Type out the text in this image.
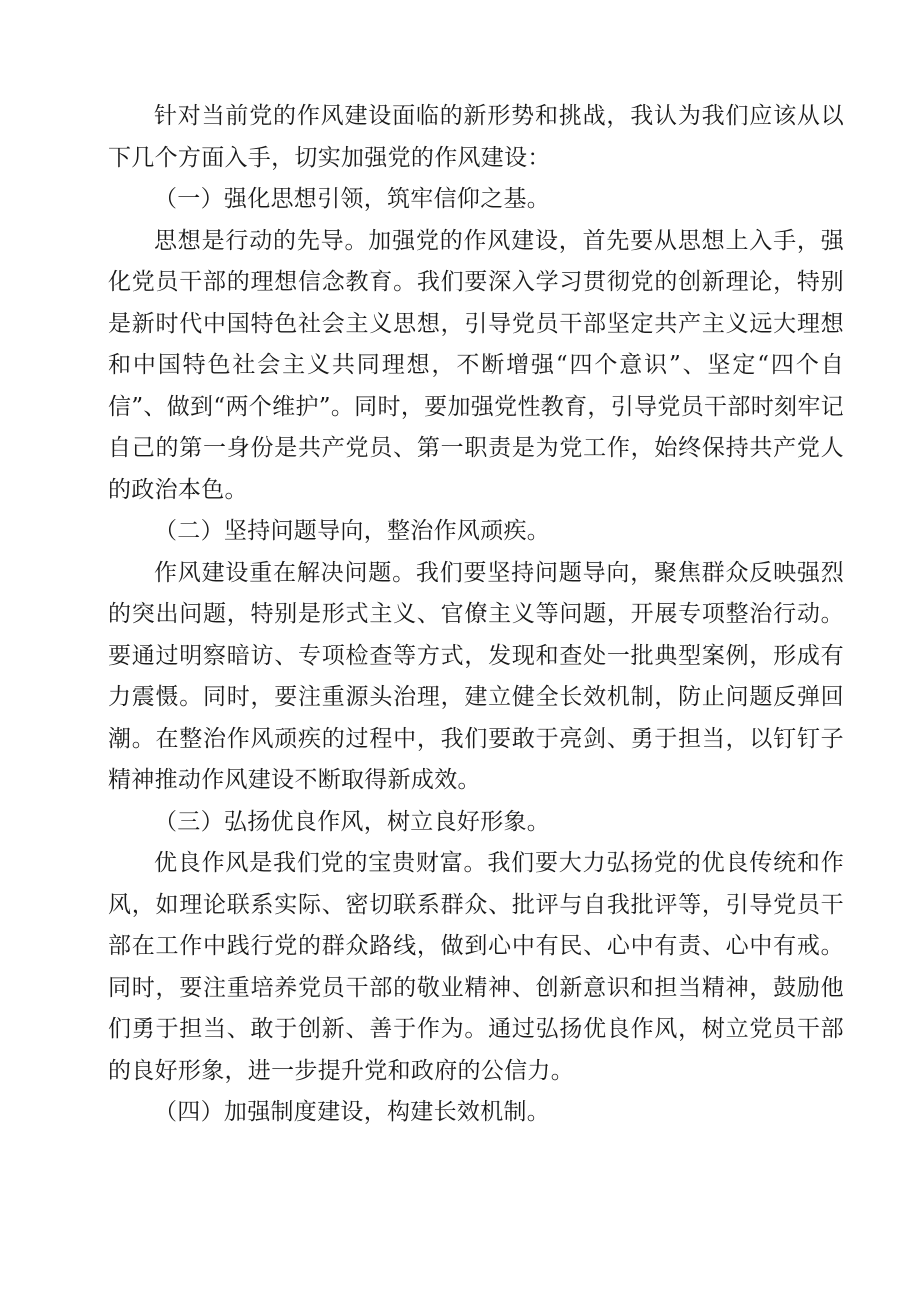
针对当前党的作风建设面临的新形势和挑战，我认为我们应该从以下几个方面入手，切实加强党的作风建设：

（一）强化思想引领，筑牢信仰之基。

思想是行动的先导。加强党的作风建设，首先要从思想上入手，强化党员干部的理想信念教育。我们要深入学习贯彻党的创新理论，特别是新时代中国特色社会主义思想，引导党员干部坚定共产主义远大理想和中国特色社会主义共同理想，不断增强“四个意识”、坚定“四个自信”、做到“两个维护”。同时，要加强党性教育，引导党员干部时刻牢记自己的第一身份是共产党员、第一职责是为党工作，始终保持共产党人的政治本色。

（二）坚持问题导向，整治作风顽疾。

作风建设重在解决问题。我们要坚持问题导向，聚焦群众反映强烈的突出问题，特别是形式主义、官僚主义等问题，开展专项整治行动。要通过明察暗访、专项检查等方式，发现和查处一批典型案例，形成有力震慑。同时，要注重源头治理，建立健全长效机制，防止问题反弹回潮。在整治作风顽疾的过程中，我们要敢于亮剑、勇于担当，以钉钉子精神推动作风建设不断取得新成效。

（三）弘扬优良作风，树立良好形象。

优良作风是我们党的宝贵财富。我们要大力弘扬党的优良传统和作风，如理论联系实际、密切联系群众、批评与自我批评等，引导党员干部在工作中践行党的群众路线，做到心中有民、心中有责、心中有戒。同时，要注重培养党员干部的敬业精神、创新意识和担当精神，鼓励他们勇于担当、敢于创新、善于作为。通过弘扬优良作风，树立党员干部的良好形象，进一步提升党和政府的公信力。

（四）加强制度建设，构建长效机制。
